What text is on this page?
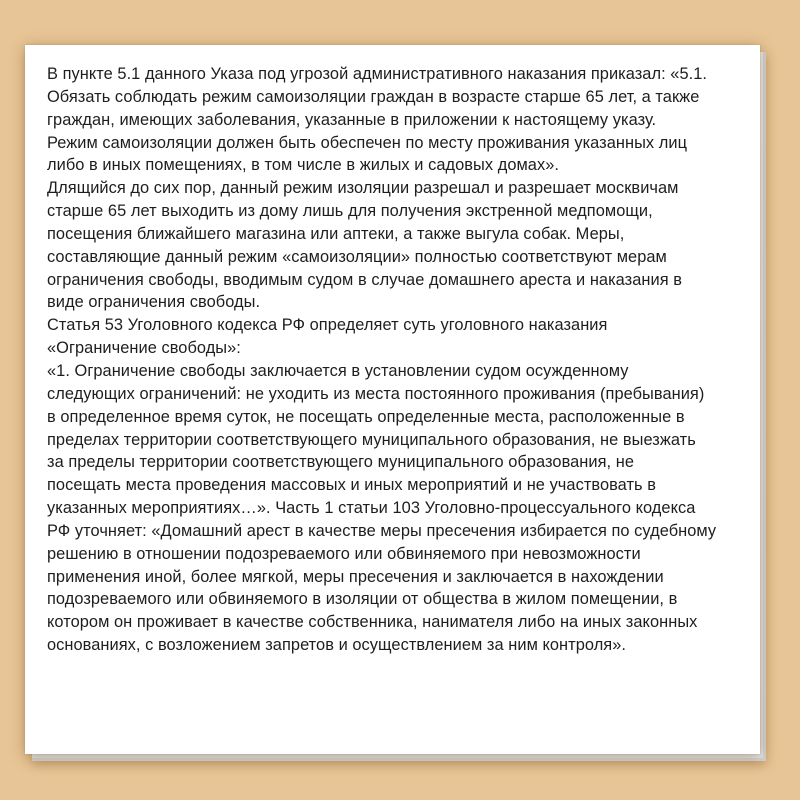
В пункте 5.1 данного Указа под угрозой административного наказания приказал: «5.1.
Обязать соблюдать режим самоизоляции граждан в возрасте старше 65 лет, а также
граждан, имеющих заболевания, указанные в приложении к настоящему указу.
Режим самоизоляции должен быть обеспечен по месту проживания указанных лиц
либо в иных помещениях, в том числе в жилых и садовых домах».
Длящийся до сих пор, данный режим изоляции разрешал и разрешает москвичам
старше 65 лет выходить из дому лишь для получения экстренной медпомощи,
посещения ближайшего магазина или аптеки, а также выгула собак. Меры,
составляющие данный режим «самоизоляции» полностью соответствуют мерам
ограничения свободы, вводимым судом в случае домашнего ареста и наказания в
виде ограничения свободы.
Статья 53 Уголовного кодекса РФ определяет суть уголовного наказания
«Ограничение свободы»:
«1. Ограничение свободы заключается в установлении судом осужденному
следующих ограничений: не уходить из места постоянного проживания (пребывания)
в определенное время суток, не посещать определенные места, расположенные в
пределах территории соответствующего муниципального образования, не выезжать
за пределы территории соответствующего муниципального образования, не
посещать места проведения массовых и иных мероприятий и не участвовать в
указанных мероприятиях…». Часть 1 статьи 103 Уголовно-процессуального кодекса
РФ уточняет: «Домашний арест в качестве меры пресечения избирается по судебному
решению в отношении подозреваемого или обвиняемого при невозможности
применения иной, более мягкой, меры пресечения и заключается в нахождении
подозреваемого или обвиняемого в изоляции от общества в жилом помещении, в
котором он проживает в качестве собственника, нанимателя либо на иных законных
основаниях, с возложением запретов и осуществлением за ним контроля».
